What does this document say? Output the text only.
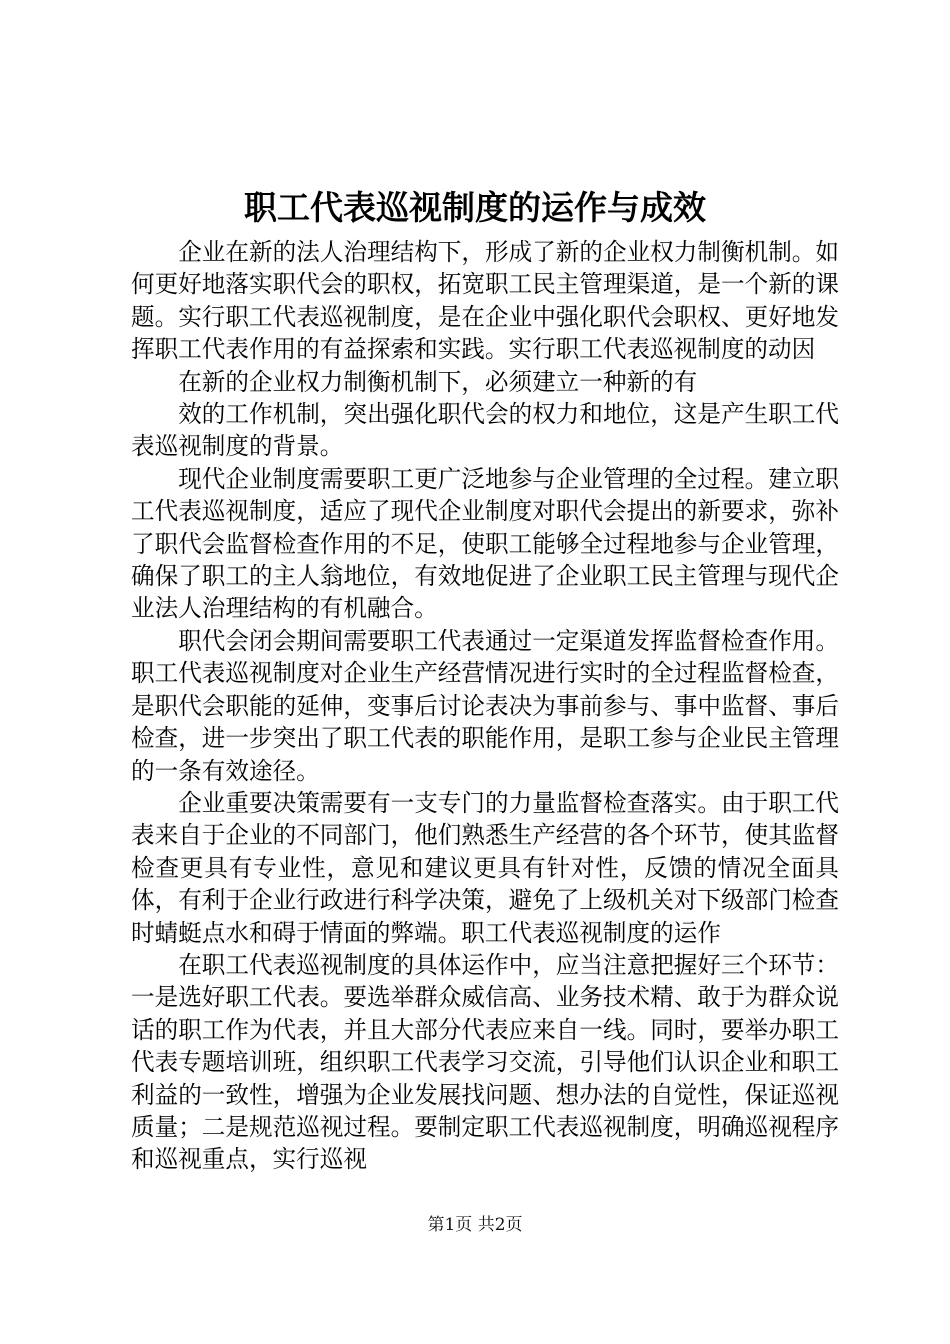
职工代表巡视制度的运作与成效

企业在新的法人治理结构下，形成了新的企业权力制衡机制。如何更好地落实职代会的职权，拓宽职工民主管理渠道，是一个新的课题。实行职工代表巡视制度，是在企业中强化职代会职权、更好地发挥职工代表作用的有益探索和实践。实行职工代表巡视制度的动因

在新的企业权力制衡机制下，必须建立一种新的有

效的工作机制，突出强化职代会的权力和地位，这是产生职工代表巡视制度的背景。

现代企业制度需要职工更广泛地参与企业管理的全过程。建立职工代表巡视制度，适应了现代企业制度对职代会提出的新要求，弥补了职代会监督检查作用的不足，使职工能够全过程地参与企业管理，确保了职工的主人翁地位，有效地促进了企业职工民主管理与现代企业法人治理结构的有机融合。

职代会闭会期间需要职工代表通过一定渠道发挥监督检查作用。职工代表巡视制度对企业生产经营情况进行实时的全过程监督检查，是职代会职能的延伸，变事后讨论表决为事前参与、事中监督、事后检查，进一步突出了职工代表的职能作用，是职工参与企业民主管理的一条有效途径。

企业重要决策需要有一支专门的力量监督检查落实。由于职工代表来自于企业的不同部门，他们熟悉生产经营的各个环节，使其监督检查更具有专业性，意见和建议更具有针对性，反馈的情况全面具体，有利于企业行政进行科学决策，避免了上级机关对下级部门检查时蜻蜓点水和碍于情面的弊端。职工代表巡视制度的运作

在职工代表巡视制度的具体运作中，应当注意把握好三个环节：一是选好职工代表。要选举群众威信高、业务技术精、敢于为群众说话的职工作为代表，并且大部分代表应来自一线。同时，要举办职工代表专题培训班，组织职工代表学习交流，引导他们认识企业和职工利益的一致性，增强为企业发展找问题、想办法的自觉性，保证巡视质量；二是规范巡视过程。要制定职工代表巡视制度，明确巡视程序和巡视重点，实行巡视

第1页 共2页
